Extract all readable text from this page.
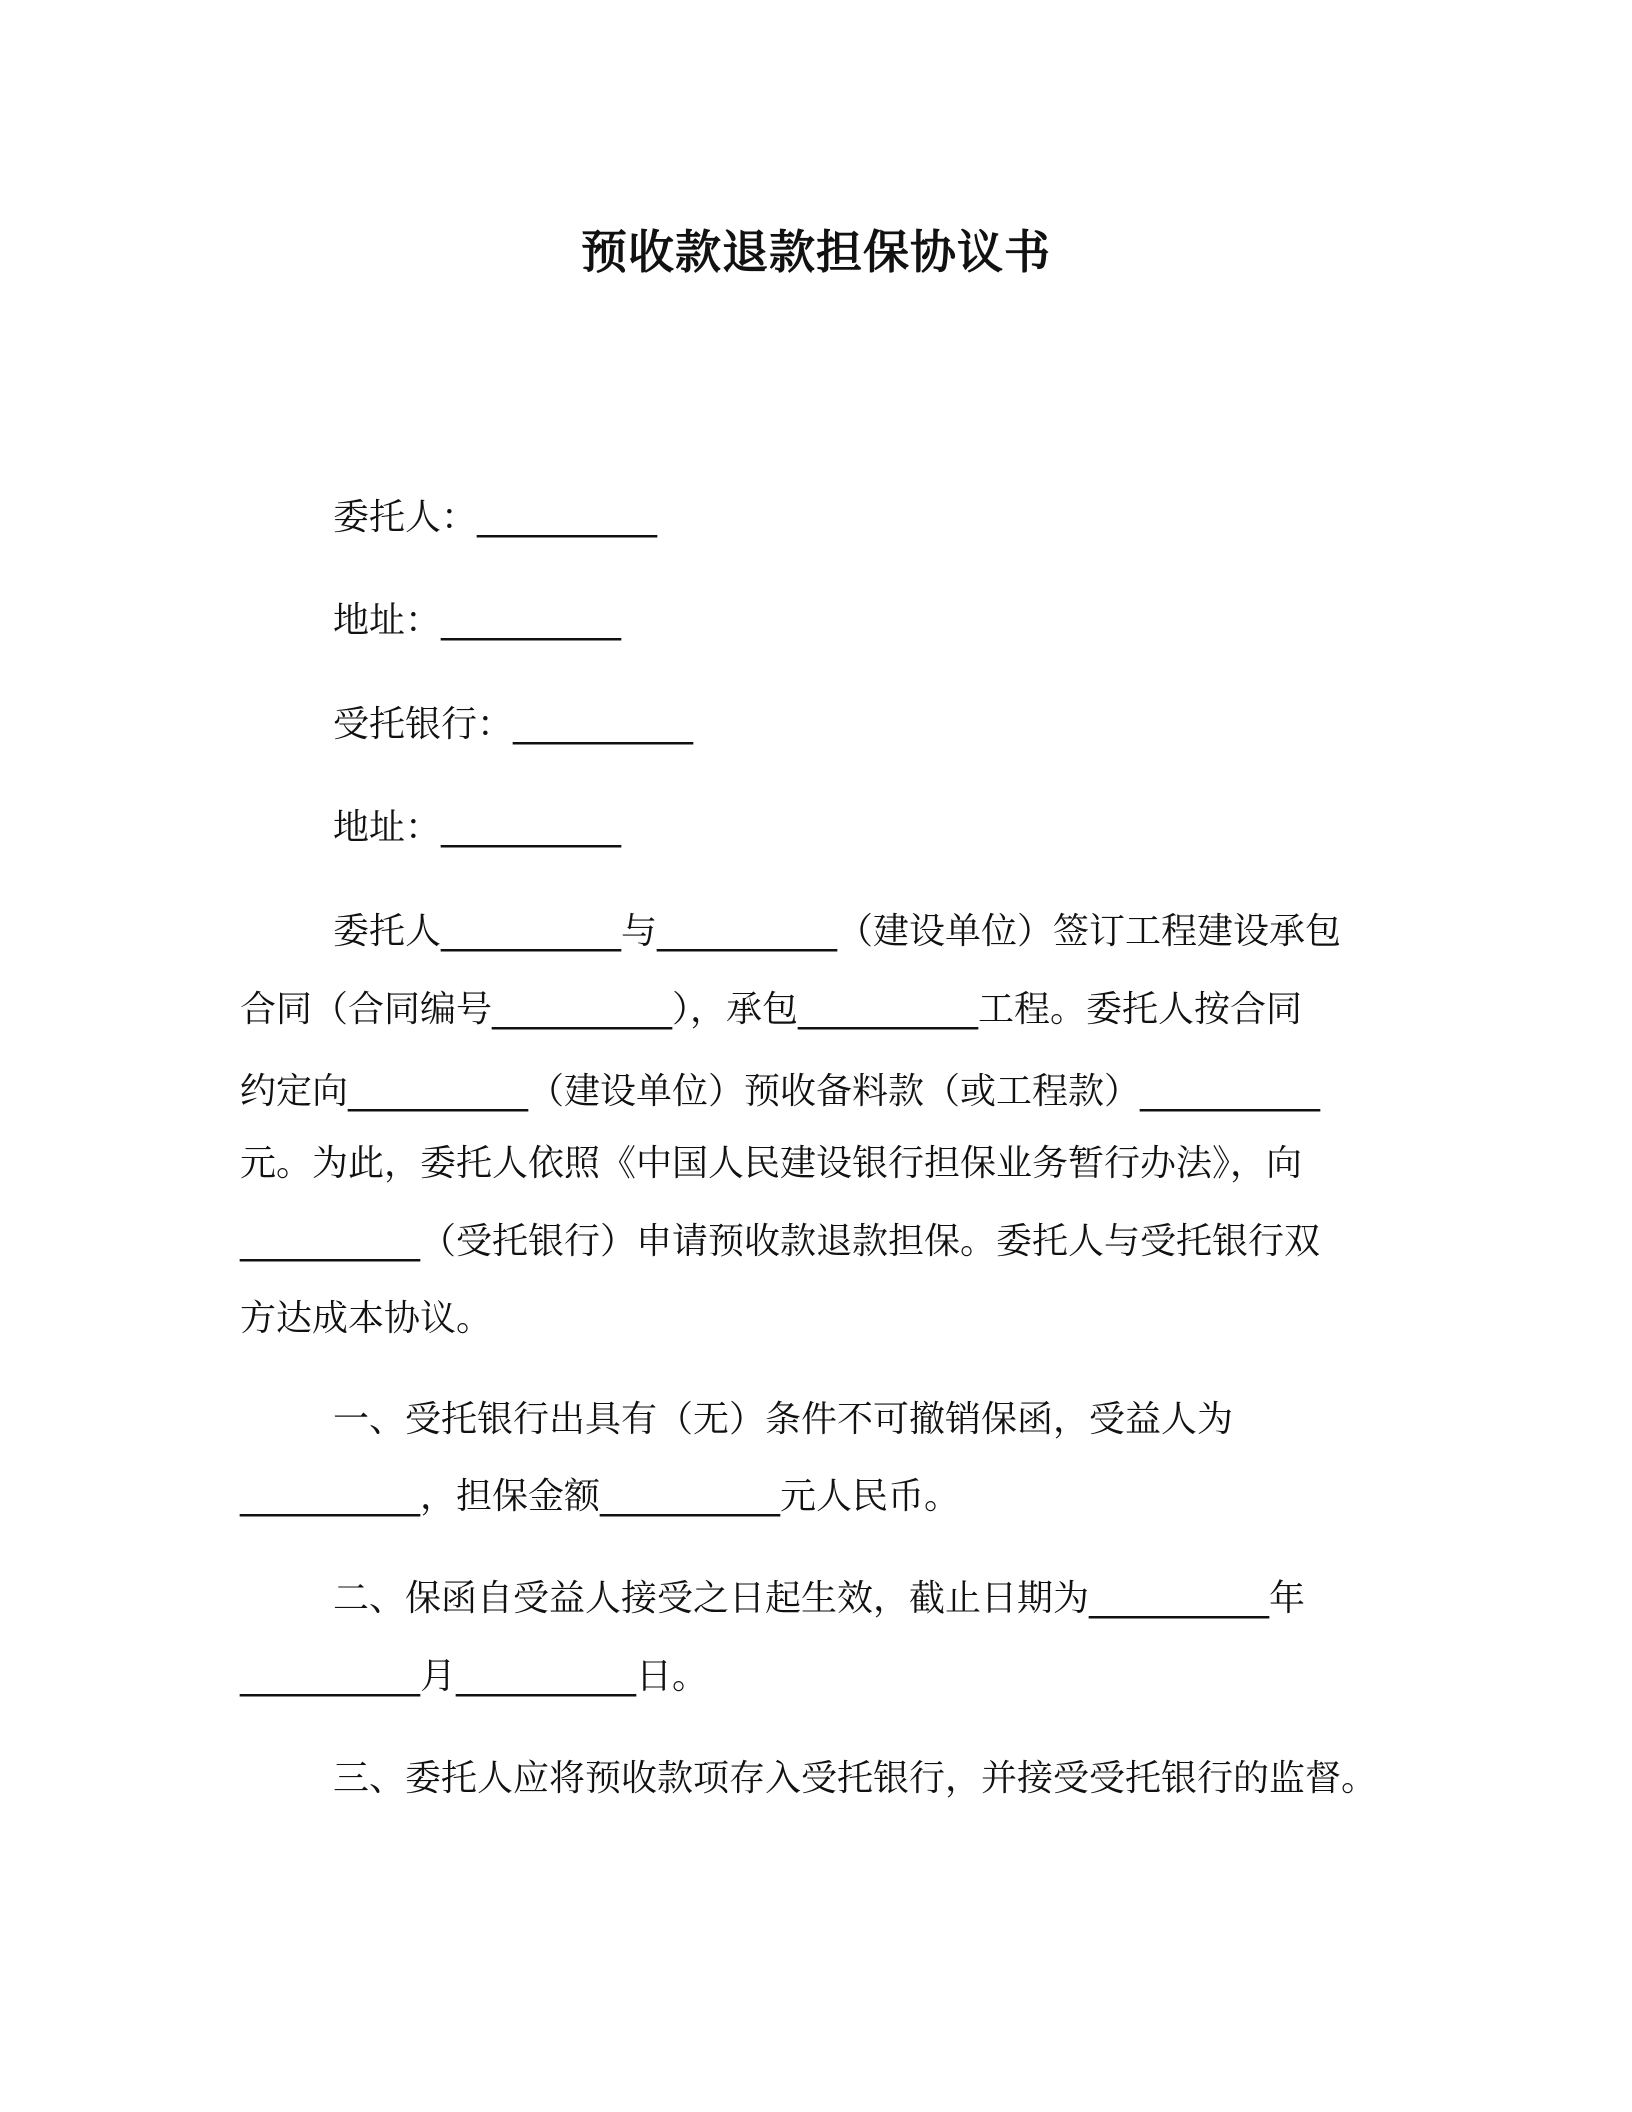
预收款退款担保协议书
委托人：__________
地址：__________
受托银行：__________
地址：__________
委托人__________与__________（建设单位）签订工程建设承包
合同（合同编号__________），承包__________工程。委托人按合同
约定向__________（建设单位）预收备料款（或工程款）__________
元。为此，委托人依照《中国人民建设银行担保业务暂行办法》，向
__________（受托银行）申请预收款退款担保。委托人与受托银行双
方达成本协议。
一、受托银行出具有（无）条件不可撤销保函，受益人为
__________，担保金额__________元人民币。
二、保函自受益人接受之日起生效，截止日期为__________年
__________月__________日。
三、委托人应将预收款项存入受托银行，并接受受托银行的监督。
